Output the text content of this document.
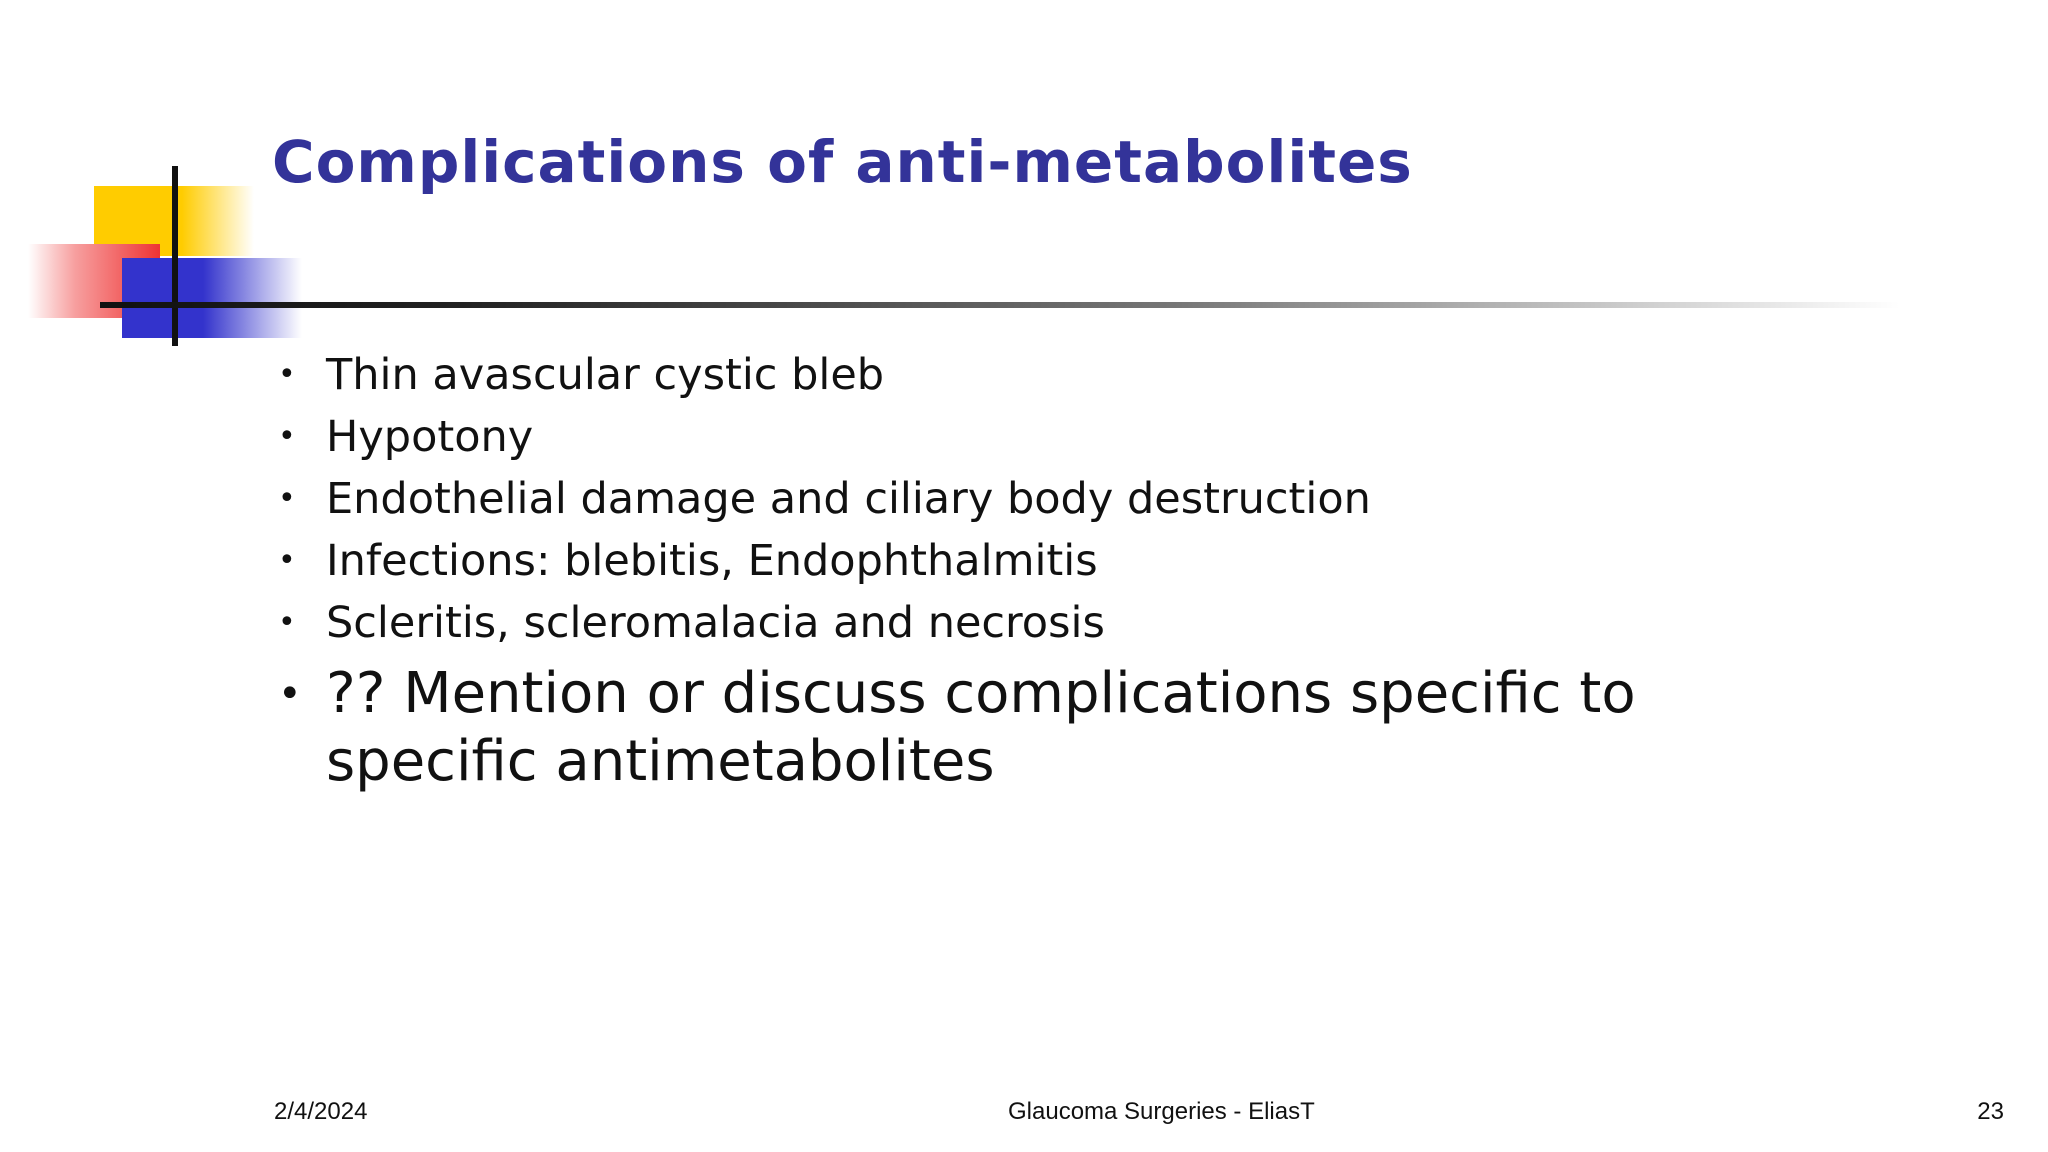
Complications of anti-metabolites
• Thin avascular cystic bleb
• Hypotony
• Endothelial damage and ciliary body destruction
• Infections: blebitis, Endophthalmitis
• Scleritis, scleromalacia and necrosis
• ?? Mention or discuss complications specific to specific antimetabolites
2/4/2024	Glaucoma Surgeries - EliasT	23
